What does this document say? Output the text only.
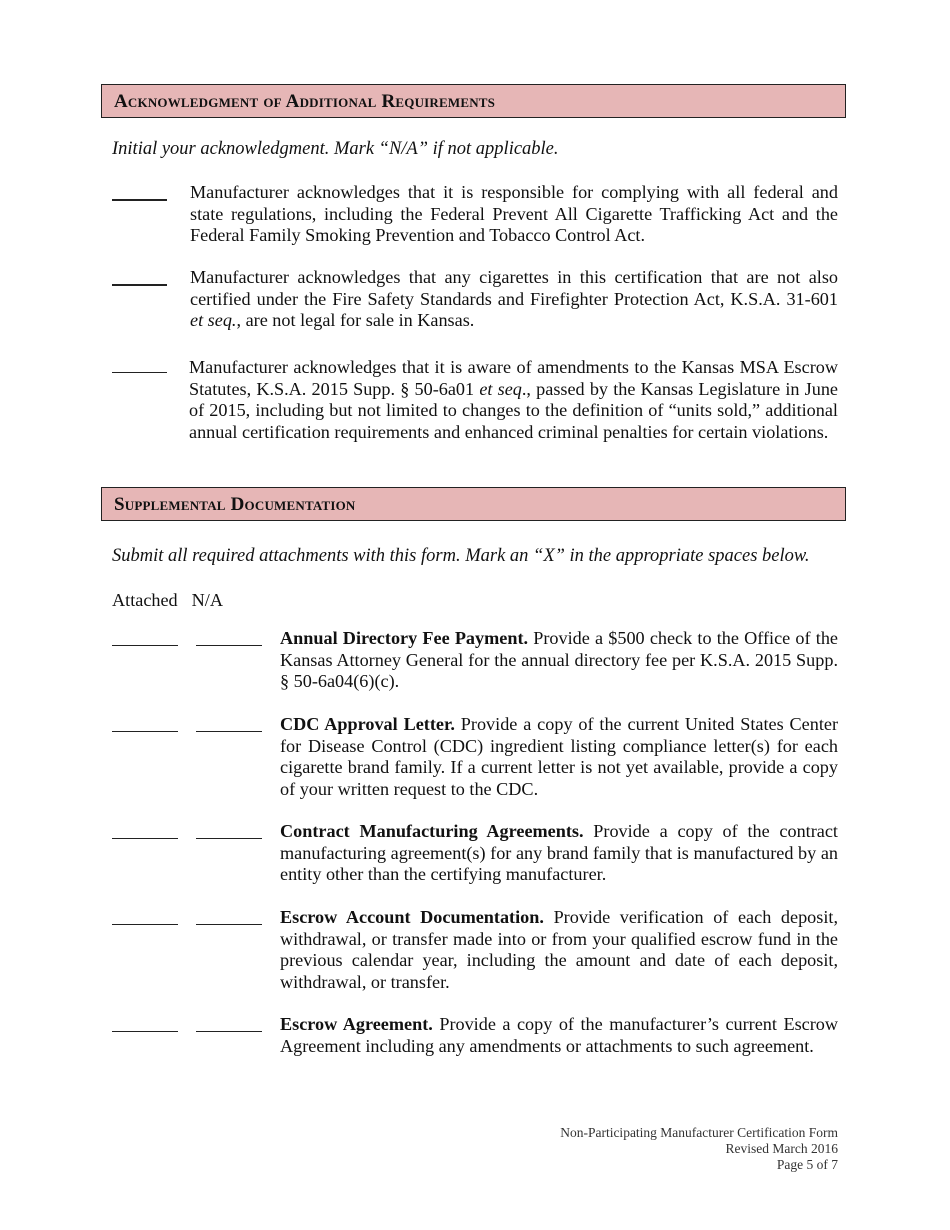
Acknowledgment of Additional Requirements
Initial your acknowledgment. Mark “N/A” if not applicable.
Manufacturer acknowledges that it is responsible for complying with all federal and state regulations, including the Federal Prevent All Cigarette Trafficking Act and the Federal Family Smoking Prevention and Tobacco Control Act.
Manufacturer acknowledges that any cigarettes in this certification that are not also certified under the Fire Safety Standards and Firefighter Protection Act, K.S.A. 31-601 et seq., are not legal for sale in Kansas.
Manufacturer acknowledges that it is aware of amendments to the Kansas MSA Escrow Statutes, K.S.A. 2015 Supp. § 50-6a01 et seq., passed by the Kansas Legislature in June of 2015, including but not limited to changes to the definition of “units sold,” additional annual certification requirements and enhanced criminal penalties for certain violations.
Supplemental Documentation
Submit all required attachments with this form. Mark an “X” in the appropriate spaces below.
Attached N/A
Annual Directory Fee Payment. Provide a $500 check to the Office of the Kansas Attorney General for the annual directory fee per K.S.A. 2015 Supp. § 50-6a04(6)(c).
CDC Approval Letter. Provide a copy of the current United States Center for Disease Control (CDC) ingredient listing compliance letter(s) for each cigarette brand family. If a current letter is not yet available, provide a copy of your written request to the CDC.
Contract Manufacturing Agreements. Provide a copy of the contract manufacturing agreement(s) for any brand family that is manufactured by an entity other than the certifying manufacturer.
Escrow Account Documentation. Provide verification of each deposit, withdrawal, or transfer made into or from your qualified escrow fund in the previous calendar year, including the amount and date of each deposit, withdrawal, or transfer.
Escrow Agreement. Provide a copy of the manufacturer’s current Escrow Agreement including any amendments or attachments to such agreement.
Non-Participating Manufacturer Certification Form
Revised March 2016
Page 5 of 7
